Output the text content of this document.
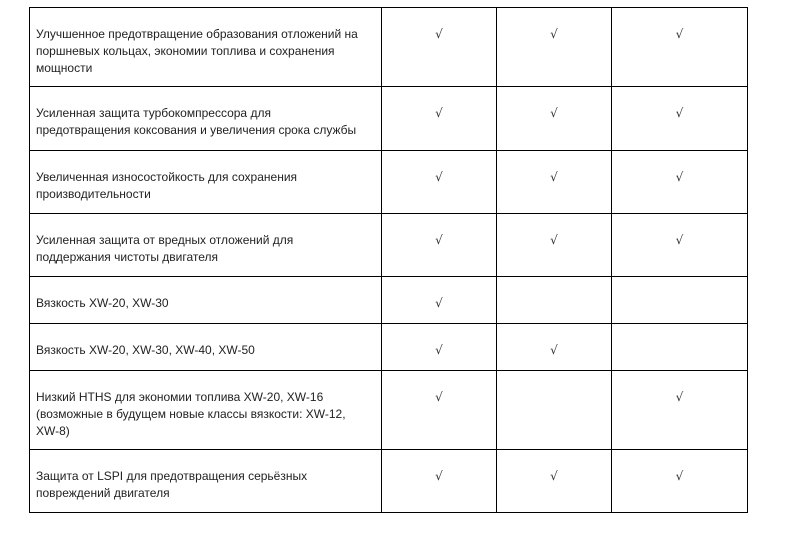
Улучшенное предотвращение образования отложений на
поршневых кольцах, экономии топлива и сохранения
мощности	√	√	√

Усиленная защита турбокомпрессора для
предотвращения коксования и увеличения срока службы	√	√	√

Увеличенная износостойкость для сохранения
производительности	√	√	√

Усиленная защита от вредных отложений для
поддержания чистоты двигателя	√	√	√

Вязкость XW-20, XW-30	√		

Вязкость XW-20, XW-30, XW-40, XW-50	√	√	

Низкий HTHS для экономии топлива XW-20, XW-16
(возможные в будущем новые классы вязкости: XW-12,
XW-8)	√		√

Защита от LSPI для предотвращения серьёзных
повреждений двигателя	√	√	√
